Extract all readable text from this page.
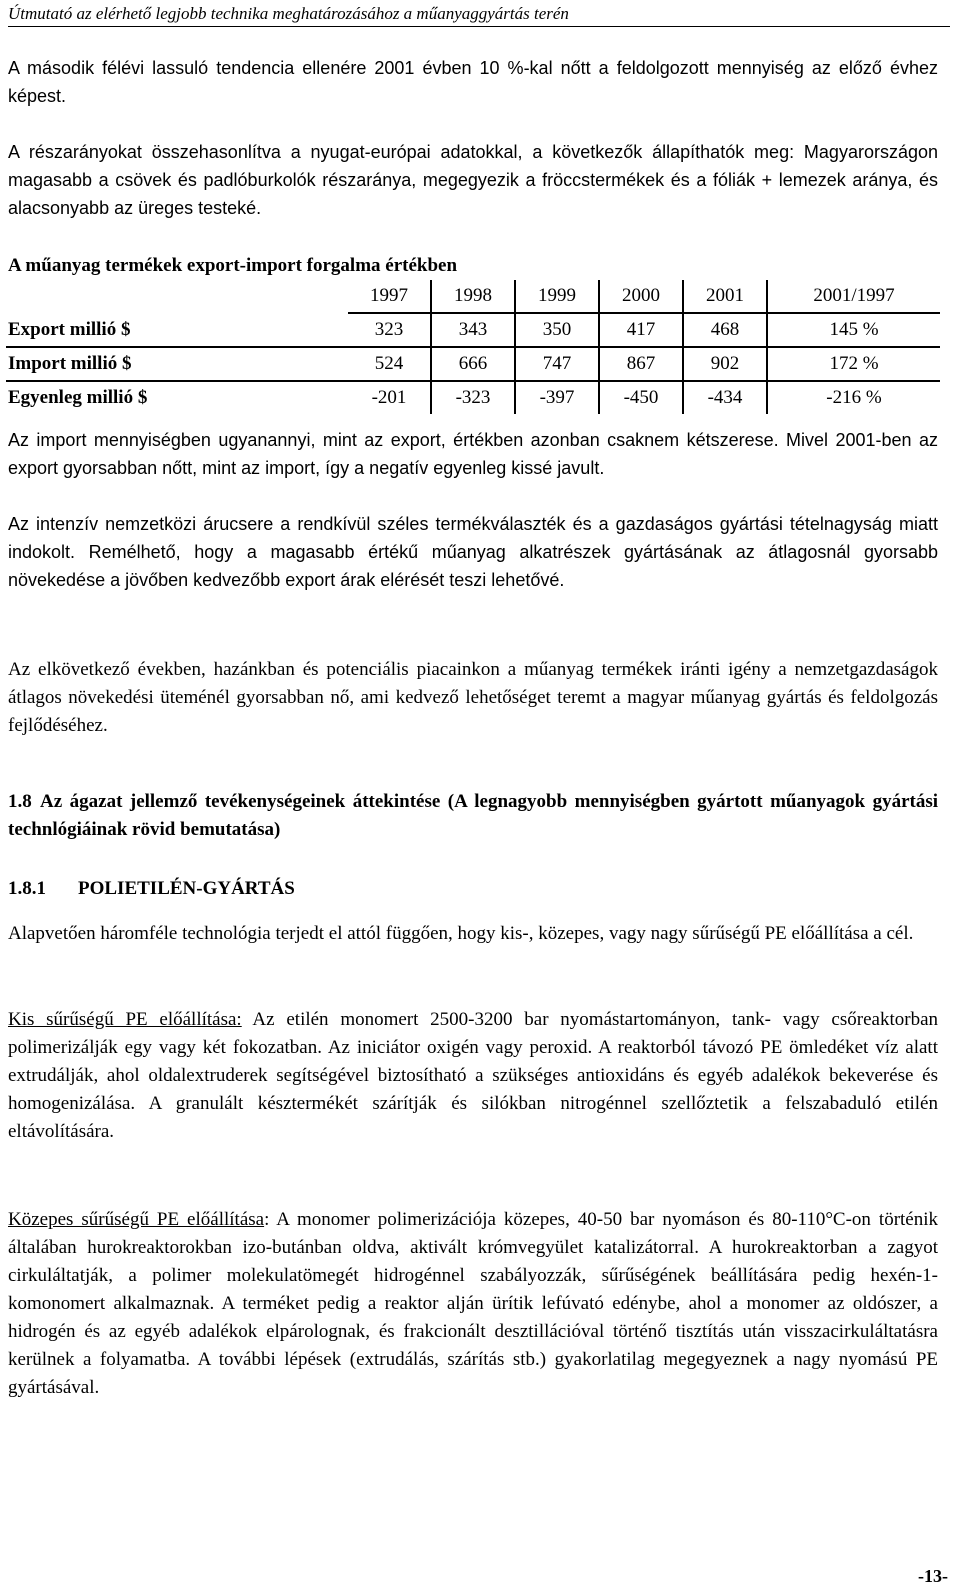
Útmutató az elérhető legjobb technika meghatározásához a műanyaggyártás terén

A második félévi lassuló tendencia ellenére 2001 évben 10 %-kal nőtt a feldolgozott mennyiség az előző évhez képest.

A részarányokat összehasonlítva a nyugat-európai adatokkal, a következők állapíthatók meg: Magyarországon magasabb a csövek és padlóburkolók részaránya, megegyezik a fröccstermékek és a fóliák + lemezek aránya, és alacsonyabb az üreges testeké.

A műanyag termékek export-import forgalma értékben
	1997	1998	1999	2000	2001	2001/1997
Export millió $	323	343	350	417	468	145 %
Import millió $	524	666	747	867	902	172 %
Egyenleg millió $	-201	-323	-397	-450	-434	-216 %

Az import mennyiségben ugyanannyi, mint az export, értékben azonban csaknem kétszerese. Mivel 2001-ben az export gyorsabban nőtt, mint az import, így a negatív egyenleg kissé javult.

Az intenzív nemzetközi árucsere a rendkívül széles termékválaszték és a gazdaságos gyártási tételnagyság miatt indokolt. Remélhető, hogy a magasabb értékű műanyag alkatrészek gyártásának az átlagosnál gyorsabb növekedése a jövőben kedvezőbb export árak elérését teszi lehetővé.

Az elkövetkező években, hazánkban és potenciális piacainkon a műanyag termékek iránti igény a nemzetgazdaságok átlagos növekedési üteménél gyorsabban nő, ami kedvező lehetőséget teremt a magyar műanyag gyártás és feldolgozás fejlődéséhez.

1.8 Az ágazat jellemző tevékenységeinek áttekintése (A legnagyobb mennyiségben gyártott műanyagok gyártási technlógiáinak rövid bemutatása)
1.8.1 POLIETILÉN-GYÁRTÁS

Alapvetően háromféle technológia terjedt el attól függően, hogy kis-, közepes, vagy nagy sűrűségű PE előállítása a cél.

Kis sűrűségű PE előállítása: Az etilén monomert 2500-3200 bar nyomástartományon, tank- vagy csőreaktorban polimerizálják egy vagy két fokozatban. Az iniciátor oxigén vagy peroxid. A reaktorból távozó PE ömledéket víz alatt extrudálják, ahol oldalextruderek segítségével biztosítható a szükséges antioxidáns és egyéb adalékok bekeverése és homogenizálása. A granulált késztermékét szárítják és silókban nitrogénnel szellőztetik a felszabaduló etilén eltávolítására.

Közepes sűrűségű PE előállítása: A monomer polimerizációja közepes, 40-50 bar nyomáson és 80-110°C-on történik általában hurokreaktorokban izo-butánban oldva, aktivált krómvegyület katalizátorral. A hurokreaktorban a zagyot cirkuláltatják, a polimer molekulatömegét hidrogénnel szabályozzák, sűrűségének beállítására pedig hexén-1-komonomert alkalmaznak. A terméket pedig a reaktor alján ürítik lefúvató edénybe, ahol a monomer az oldószer, a hidrogén és az egyéb adalékok elpárolognak, és frakcionált desztillációval történő tisztítás után visszacirkuláltatásra kerülnek a folyamatba. A további lépések (extrudálás, szárítás stb.) gyakorlatilag megegyeznek a nagy nyomású PE gyártásával.

-13-
